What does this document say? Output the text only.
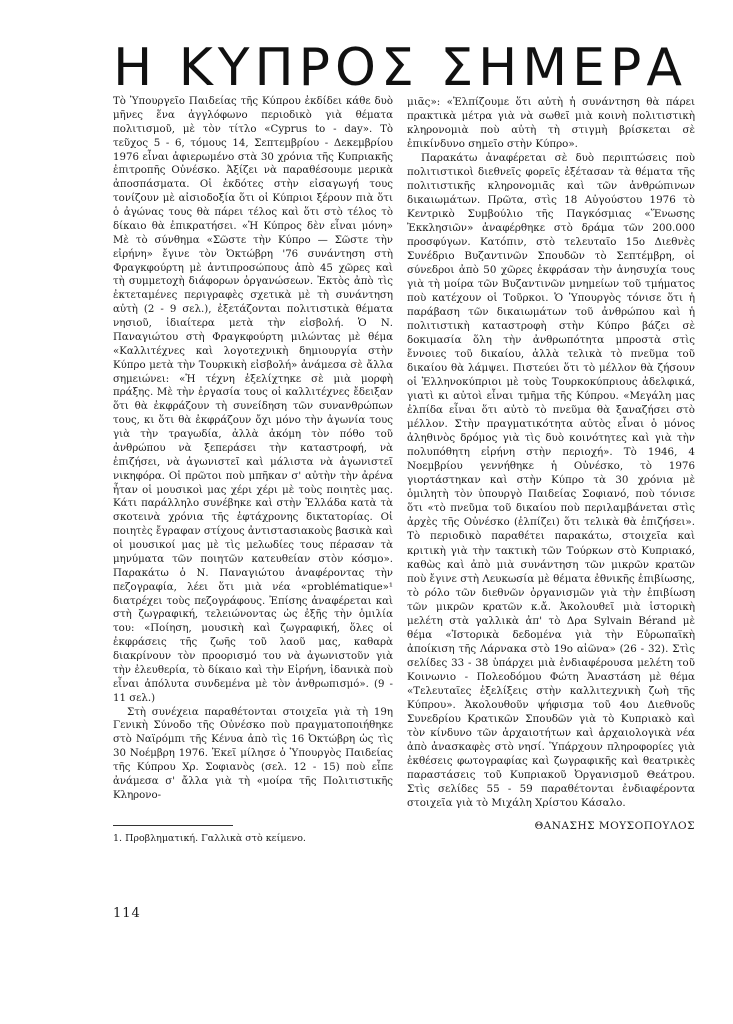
Η ΚΥΠΡΟΣ ΣΗΜΕΡΑ

Τὸ Ὑπουργεῖο Παιδείας τῆς Κύπρου ἐκδίδει κάθε δυὸ μῆνες ἕνα ἀγγλόφωνο περιοδικὸ γιὰ θέματα πολιτισμοῦ, μὲ τὸν τίτλο «Cyprus to - day». Τὸ τεῦχος 5 - 6, τόμους 14, Σεπτεμβρίου - Δεκεμβρίου 1976 εἶναι ἀφιερωμένο στὰ 30 χρόνια τῆς Κυπριακῆς ἐπιτροπῆς Οὐνέσκο. Ἀξίζει νὰ παραθέσουμε μερικὰ ἀποσπάσματα. Οἱ ἐκδότες στὴν εἰσαγωγή τους τονίζουν μὲ αἰσιοδοξία ὅτι οἱ Κύπριοι ξέρουν πιὰ ὅτι ὁ ἀγώνας τους θὰ πάρει τέλος καὶ ὅτι στὸ τέλος τὸ δίκαιο θὰ ἐπικρατήσει. «Ἡ Κύπρος δὲν εἶναι μόνη» Μὲ τὸ σύνθημα «Σῶστε τὴν Κύπρο — Σῶστε τὴν εἰρήνη» ἔγινε τὸν Ὀκτώβρη '76 συνάντηση στὴ Φραγκφούρτη μὲ ἀντιπροσώπους ἀπὸ 45 χῶρες καὶ τὴ συμμετοχὴ διάφορων ὀργανώσεων. Ἐκτὸς ἀπὸ τὶς ἐκτεταμένες περιγραφὲς σχετικὰ μὲ τὴ συνάντηση αὐτὴ (2 - 9 σελ.), ἐξετάζονται πολιτιστικὰ θέματα νησιοῦ, ἰδιαίτερα μετὰ τὴν εἰσβολή. Ὁ Ν. Παναγιώτου στὴ Φραγκφούρτη μιλώντας μὲ θέμα «Καλλιτέχνες καὶ λογοτεχνικὴ δημιουργία στὴν Κύπρο μετὰ τὴν Τουρκικὴ εἰσβολή» ἀνάμεσα σὲ ἄλλα σημειώνει: «Ἡ τέχνη ἐξελίχτηκε σὲ μιὰ μορφὴ πράξης. Μὲ τὴν ἐργασία τους οἱ καλλιτέχνες ἔδειξαν ὅτι θὰ ἐκφράζουν τὴ συνείδηση τῶν συνανθρώπων τους, κι ὅτι θὰ ἐκφράζουν ὄχι μόνο τὴν ἀγωνία τους γιὰ τὴν τραγωδία, ἀλλὰ ἀκόμη τὸν πόθο τοῦ ἀνθρώπου νὰ ξεπεράσει τὴν καταστροφή, νὰ ἐπιζήσει, νὰ ἀγωνιστεῖ καὶ μάλιστα νὰ ἀγωνιστεῖ νικηφόρα. Οἱ πρῶτοι ποὺ μπῆκαν σ' αὐτὴν τὴν ἀρένα ἦταν οἱ μουσικοὶ μας χέρι χέρι μὲ τοὺς ποιητὲς μας. Κάτι παράλληλο συνέβηκε καὶ στὴν Ἑλλάδα κατὰ τὰ σκοτεινὰ χρόνια τῆς ἑφτάχρονης δικτατορίας. Οἱ ποιητὲς ἔγραφαν στίχους ἀντιστασιακοὺς βασικὰ καὶ οἱ μουσικοί μας μὲ τὶς μελωδίες τους πέρασαν τὰ μηνύματα τῶν ποιητῶν κατευθείαν στὸν κόσμο». Παρακάτω ὁ Ν. Παναγιώτου ἀναφέροντας τὴν πεζογραφία, λέει ὅτι μιὰ νέα «problématique»¹ διατρέχει τοὺς πεζογράφους. Ἐπίσης ἀναφέρεται καὶ στὴ ζωγραφική, τελειώνοντας ὡς ἐξῆς τὴν ὁμιλία του: «Ποίηση, μουσικὴ καὶ ζωγραφική, ὅλες οἱ ἐκφράσεις τῆς ζωῆς τοῦ λαοῦ μας, καθαρὰ διακρίνουν τὸν προορισμό του νὰ ἀγωνιστοῦν γιὰ τὴν ἐλευθερία, τὸ δίκαιο καὶ τὴν Εἰρήνη, ἰδανικὰ ποὺ εἶναι ἀπόλυτα συνδεμένα μὲ τὸν ἀνθρωπισμό». (9 - 11 σελ.)

Στὴ συνέχεια παραθέτονται στοιχεῖα γιὰ τὴ 19η Γενικὴ Σύνοδο τῆς Οὐνέσκο ποὺ πραγματοποιήθηκε στὸ Ναϊρόμπι τῆς Κένυα ἀπὸ τὶς 16 Ὀκτώβρη ὡς τὶς 30 Νοέμβρη 1976. Ἐκεῖ μίλησε ὁ Ὑπουργὸς Παιδείας τῆς Κύπρου Χρ. Σοφιανὸς (σελ. 12 - 15) ποὺ εἶπε ἀνάμεσα σ' ἄλλα γιὰ τὴ «μοίρα τῆς Πολιτιστικῆς Κληρονο-

μιᾶς»: «Ἐλπίζουμε ὅτι αὐτὴ ἡ συνάντηση θὰ πάρει πρακτικὰ μέτρα γιὰ νὰ σωθεῖ μιὰ κοινὴ πολιτιστικὴ κληρονομιὰ ποὺ αὐτὴ τὴ στιγμὴ βρίσκεται σὲ ἐπικίνδυνο σημεῖο στὴν Κύπρο».

Παρακάτω ἀναφέρεται σὲ δυὸ περιπτώσεις ποὺ πολιτιστικοὶ διεθνεῖς φορεῖς ἐξέτασαν τὰ θέματα τῆς πολιτιστικῆς κληρονομιᾶς καὶ τῶν ἀνθρώπινων δικαιωμάτων. Πρῶτα, στὶς 18 Αὐγούστου 1976 τὸ Κεντρικὸ Συμβούλιο τῆς Παγκόσμιας «Ἕνωσης Ἐκκλησιῶν» ἀναφέρθηκε στὸ δράμα τῶν 200.000 προσφύγων. Κατόπιν, στὸ τελευταῖο 15ο Διεθνὲς Συνέδριο Βυζαντινῶν Σπουδῶν τὸ Σεπτέμβρη, οἱ σύνεδροι ἀπὸ 50 χῶρες ἐκφράσαν τὴν ἀνησυχία τους γιὰ τὴ μοίρα τῶν Βυζαντινῶν μνημείων τοῦ τμήματος ποὺ κατέχουν οἱ Τοῦρκοι. Ὁ Ὑπουργὸς τόνισε ὅτι ἡ παράβαση τῶν δικαιωμάτων τοῦ ἀνθρώπου καὶ ἡ πολιτιστικὴ καταστροφὴ στὴν Κύπρο βάζει σὲ δοκιμασία ὅλη τὴν ἀνθρωπότητα μπροστὰ στὶς ἔννοιες τοῦ δικαίου, ἀλλὰ τελικὰ τὸ πνεῦμα τοῦ δικαίου θὰ λάμψει. Πιστεύει ὅτι τὸ μέλλον θὰ ζήσουν οἱ Ἑλληνοκύπριοι μὲ τοὺς Τουρκοκύπριους ἀδελφικά, γιατὶ κι αὐτοὶ εἶναι τμῆμα τῆς Κύπρου. «Μεγάλη μας ἐλπίδα εἶναι ὅτι αὐτὸ τὸ πνεῦμα θὰ ξαναζήσει στὸ μέλλον. Στὴν πραγματικότητα αὐτὸς εἶναι ὁ μόνος ἀληθινὸς δρόμος γιὰ τὶς δυὸ κοινότητες καὶ γιὰ τὴν πολυπόθητη εἰρήνη στὴν περιοχή». Τὸ 1946, 4 Νοεμβρίου γεννήθηκε ἡ Οὐνέσκο, τὸ 1976 γιορτάστηκαν καὶ στὴν Κύπρο τὰ 30 χρόνια μὲ ὁμιλητὴ τὸν ὑπουργὸ Παιδείας Σοφιανό, ποὺ τόνισε ὅτι «τὸ πνεῦμα τοῦ δικαίου ποὺ περιλαμβάνεται στὶς ἀρχὲς τῆς Οὐνέσκο (ἐλπίζει) ὅτι τελικὰ θὰ ἐπιζήσει». Τὸ περιοδικὸ παραθέτει παρακάτω, στοιχεῖα καὶ κριτικὴ γιὰ τὴν τακτικὴ τῶν Τούρκων στὸ Κυπριακό, καθὼς καὶ ἀπὸ μιὰ συνάντηση τῶν μικρῶν κρατῶν ποὺ ἔγινε στὴ Λευκωσία μὲ θέματα ἐθνικῆς ἐπιβίωσης, τὸ ρόλο τῶν διεθνῶν ὀργανισμῶν γιὰ τὴν ἐπιβίωση τῶν μικρῶν κρατῶν κ.ἄ. Ἀκολουθεῖ μιὰ ἱστορικὴ μελέτη στὰ γαλλικὰ ἀπ' τὸ Δρα Sylvain Bérand μὲ θέμα «Ἱστορικὰ δεδομένα γιὰ τὴν Εὐρωπαϊκὴ ἀποίκιση τῆς Λάρνακα στὸ 19ο αἰῶνα» (26 - 32). Στὶς σελίδες 33 - 38 ὑπάρχει μιὰ ἐνδιαφέρουσα μελέτη τοῦ Κοινωνιο - Πολεοδόμου Φώτη Ἀναστάση μὲ θέμα «Τελευταῖες ἐξελίξεις στὴν καλλιτεχνικὴ ζωὴ τῆς Κύπρου». Ἀκολουθοῦν ψήφισμα τοῦ 4ου Διεθνοῦς Συνεδρίου Κρατικῶν Σπουδῶν γιὰ τὸ Κυπριακὸ καὶ τὸν κίνδυνο τῶν ἀρχαιοτήτων καὶ ἀρχαιολογικὰ νέα ἀπὸ ἀνασκαφὲς στὸ νησί. Ὑπάρχουν πληροφορίες γιὰ ἐκθέσεις φωτογραφίας καὶ ζωγραφικῆς καὶ θεατρικὲς παραστάσεις τοῦ Κυπριακοῦ Ὀργανισμοῦ Θεάτρου. Στὶς σελίδες 55 - 59 παραθέτονται ἐνδιαφέροντα στοιχεῖα γιὰ τὸ Μιχάλη Χρίστου Κάσαλο.

1. Προβληματική. Γαλλικὰ στὸ κείμενο.
ΘΑΝΑΣΗΣ ΜΟΥΣΟΠΟΥΛΟΣ
114
